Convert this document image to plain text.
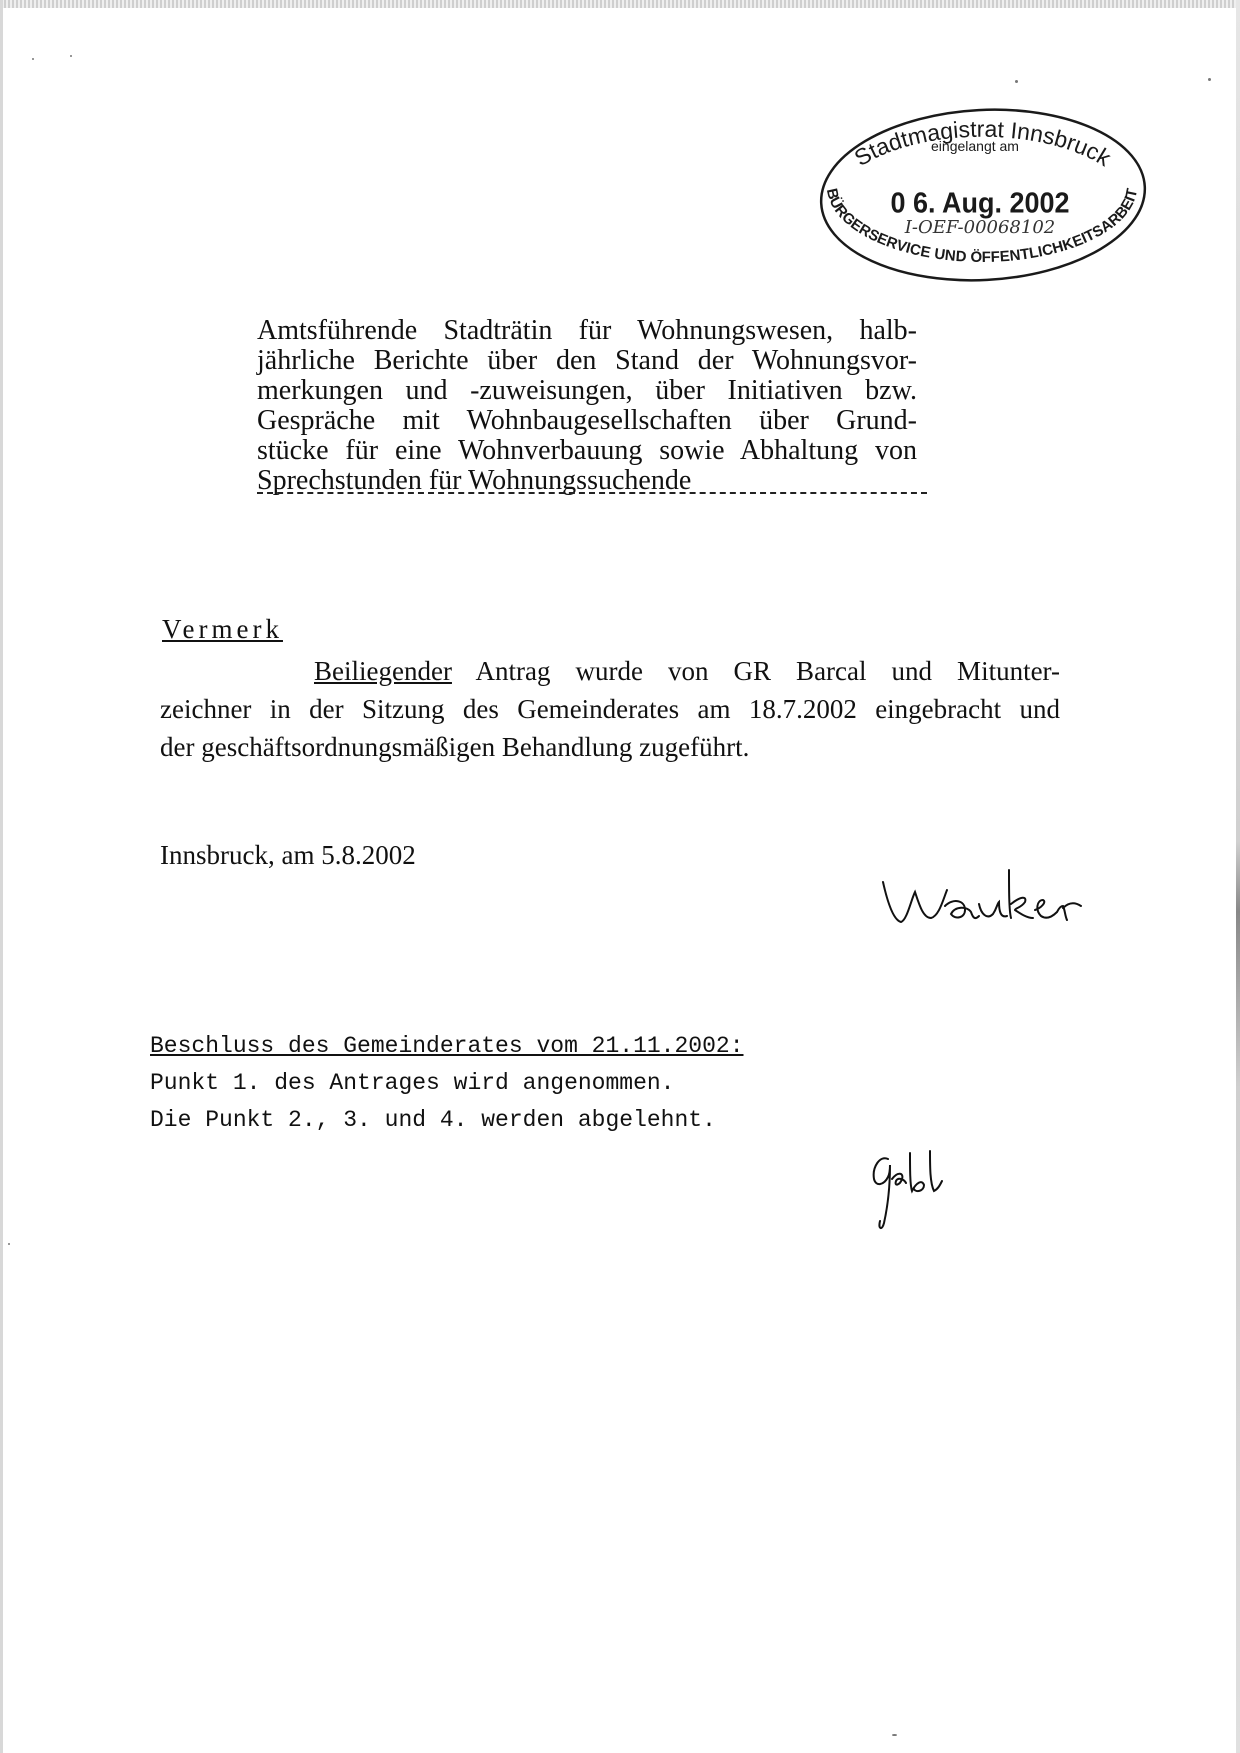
Stadtmagistrat Innsbruck
eingelangt am
0 6. Aug. 2002
I-OEF-00068102
BÜRGERSERVICE UND ÖFFENTLICHKEITSARBEIT
Amtsführende Stadträtin für Wohnungswesen, halb-
jährliche Berichte über den Stand der Wohnungsvor-
merkungen und -zuweisungen, über Initiativen bzw.
Gespräche mit Wohnbaugesellschaften über Grund-
stücke für eine Wohnverbauung sowie Abhaltung von
Sprechstunden für Wohnungssuchende
Vermerk
Beiliegender Antrag wurde von GR Barcal und Mitunter-
zeichner in der Sitzung des Gemeinderates am 18.7.2002 eingebracht und
der geschäftsordnungsmäßigen Behandlung zugeführt.
Innsbruck, am 5.8.2002
Beschluss des Gemeinderates vom 21.11.2002:
Punkt 1. des Antrages wird angenommen.
Die Punkt 2., 3. und 4. werden abgelehnt.
